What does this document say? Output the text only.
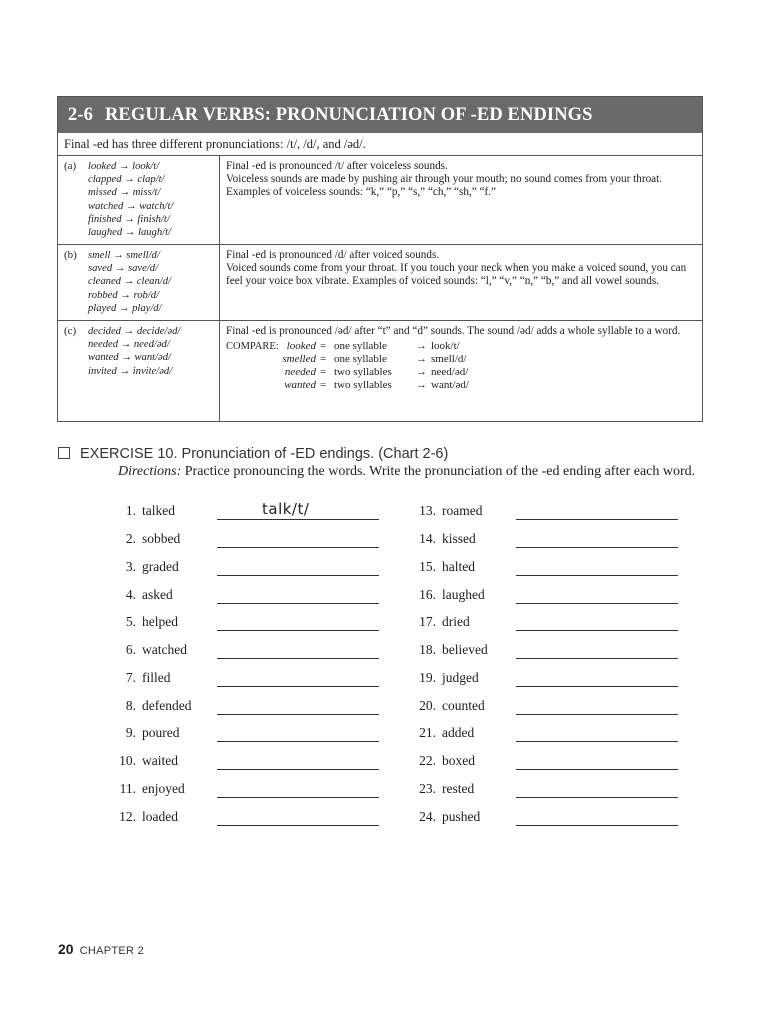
2-6 REGULAR VERBS: PRONUNCIATION OF -ED ENDINGS
Final -ed has three different pronunciations: /t/, /d/, and /əd/.
(a) looked → look/t/
clapped → clap/t/
missed → miss/t/
watched → watch/t/
finished → finish/t/
laughed → laugh/t/
Final -ed is pronounced /t/ after voiceless sounds.
Voiceless sounds are made by pushing air through your mouth; no sound comes from your throat. Examples of voiceless sounds: “k,” “p,” “s,” “ch,” “sh,” “f.”
(b) smell → smell/d/
saved → save/d/
cleaned → clean/d/
robbed → rob/d/
played → play/d/
Final -ed is pronounced /d/ after voiced sounds.
Voiced sounds come from your throat. If you touch your neck when you make a voiced sound, you can feel your voice box vibrate. Examples of voiced sounds: “l,” “v,” “n,” “b,” and all vowel sounds.
(c) decided → decide/əd/
needed → need/əd/
wanted → want/əd/
invited → invite/əd/
Final -ed is pronounced /əd/ after “t” and “d” sounds. The sound /əd/ adds a whole syllable to a word.
COMPARE: looked = one syllable	→ look/t/
smelled = one syllable	→ smell/d/
needed = two syllables → need/əd/
wanted = two syllables → want/əd/
EXERCISE 10. Pronunciation of -ED endings. (Chart 2-6)
Directions: Practice pronouncing the words. Write the pronunciation of the -ed ending after each word.
1. talked
2. sobbed
3. graded
4. asked
5. helped
6. watched
7. filled
8. defended
9. poured
10. waited
11. enjoyed
12. loaded
13. roamed
14. kissed
15. halted
16. laughed
17. dried
18. believed
19. judged
20. counted
21. added
22. boxed
23. rested
24. pushed
talk/t/
20 CHAPTER 2
